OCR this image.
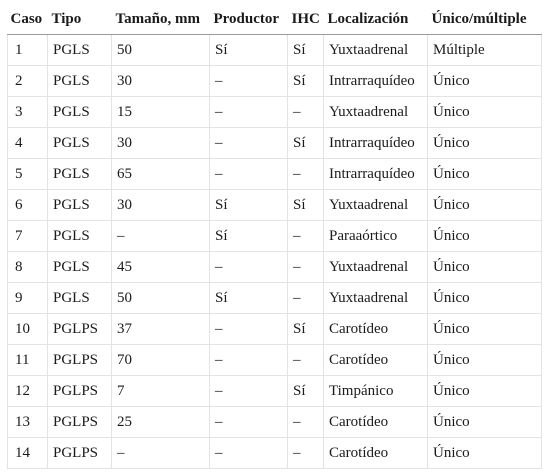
Caso	Tipo	Tamaño, mm	Productor	IHC	Localización	Único/múltiple
1	PGLS	50	Sí	Sí	Yuxtaadrenal	Múltiple
2	PGLS	30	–	Sí	Intrarraquídeo	Único
3	PGLS	15	–	–	Yuxtaadrenal	Único
4	PGLS	30	–	Sí	Intrarraquídeo	Único
5	PGLS	65	–	–	Intrarraquídeo	Único
6	PGLS	30	Sí	Sí	Yuxtaadrenal	Único
7	PGLS	–	Sí	–	Paraaórtico	Único
8	PGLS	45	–	–	Yuxtaadrenal	Único
9	PGLS	50	Sí	–	Yuxtaadrenal	Único
10	PGLPS	37	–	Sí	Carotídeo	Único
11	PGLPS	70	–	–	Carotídeo	Único
12	PGLPS	7	–	Sí	Timpánico	Único
13	PGLPS	25	–	–	Carotídeo	Único
14	PGLPS	–	–	–	Carotídeo	Único
